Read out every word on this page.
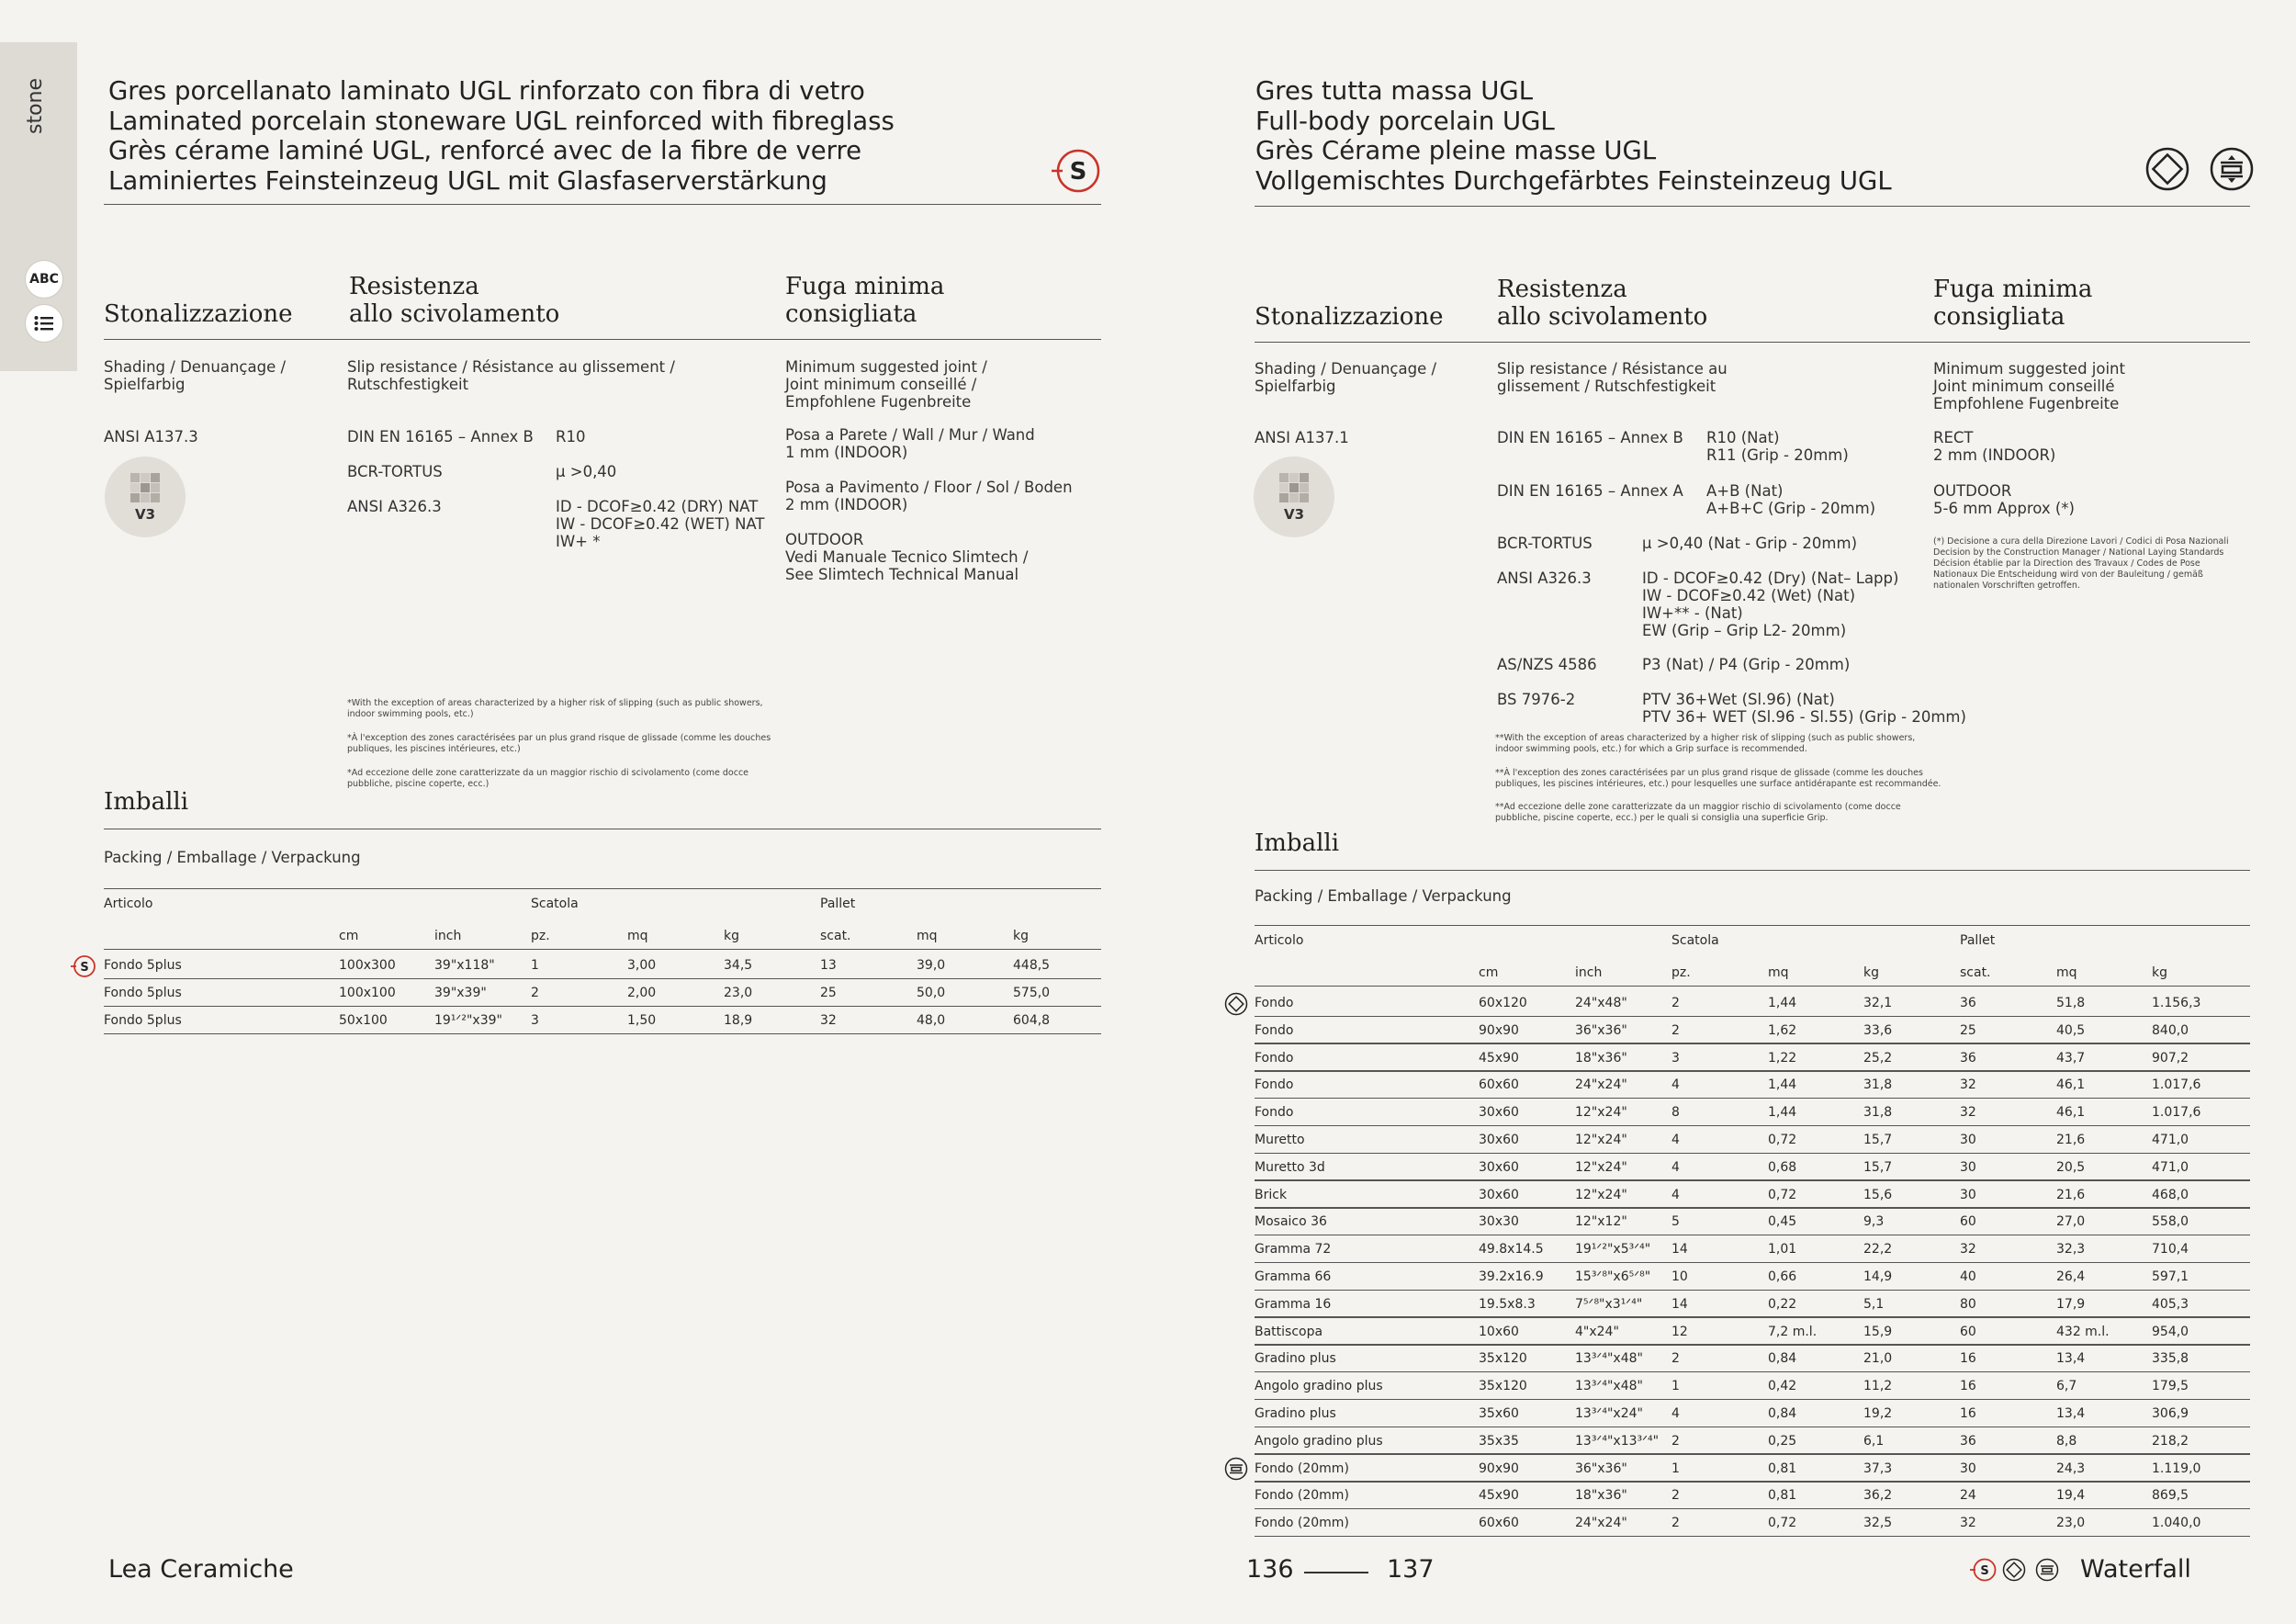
stone
ABC
Gres porcellanato laminato UGL rinforzato con fibra di vetro
Laminated porcelain stoneware UGL reinforced with fibreglass
Grès cérame laminé UGL, renforcé avec de la fibre de verre
Laminiertes Feinsteinzeug UGL mit Glasfaserverstärkung	S
Stonalizzazione
Resistenza
allo scivolamento
Fuga minima
consigliata
Shading / Denuançage /
Spielfarbig
Slip resistance / Résistance au glissement /
Rutschfestigkeit
Minimum suggested joint /
Joint minimum conseillé /
Empfohlene Fugenbreite
ANSI A137.3
V3
DIN EN 16165 – Annex B R10
BCR-TORTUS	μ >0,40
ANSI A326.3	ID - DCOF≥0.42 (DRY) NAT
IW - DCOF≥0.42 (WET) NAT
IW+ *
Posa a Parete / Wall / Mur / Wand
1 mm (INDOOR)
Posa a Pavimento / Floor / Sol / Boden
2 mm (INDOOR)
OUTDOOR
Vedi Manuale Tecnico Slimtech /
See Slimtech Technical Manual
*With the exception of areas characterized by a higher risk of slipping (such as public showers,
indoor swimming pools, etc.)
*À l'exception des zones caractérisées par un plus grand risque de glissade (comme les douches
publiques, les piscines intérieures, etc.)
*Ad eccezione delle zone caratterizzate da un maggior rischio di scivolamento (come docce
pubbliche, piscine coperte, ecc.)
Imballi
Packing / Emballage / Verpackung
Articolo	Scatola	Pallet
cm	inch	pz.	mq	kg	scat.	mq	kg
S Fondo 5plus	100x300	39"x118"	1	3,00	34,5	13	39,0	448,5
Fondo 5plus	100x100	39"x39"	2	2,00	23,0	25	50,0	575,0
Fondo 5plus	50x100	19¹ᐟ²"x39" 3	1,50	18,9	32	48,0	604,8
Gres tutta massa UGL
Full-body porcelain UGL
Grès Cérame pleine masse UGL
Vollgemischtes Durchgefärbtes Feinsteinzeug UGL
Stonalizzazione
Resistenza
allo scivolamento
Fuga minima
consigliata
Shading / Denuançage /
Spielfarbig
Slip resistance / Résistance au
glissement / Rutschfestigkeit
Minimum suggested joint
Joint minimum conseillé
Empfohlene Fugenbreite
ANSI A137.1
V3
DIN EN 16165 – Annex B R10 (Nat)
R11 (Grip - 20mm)
DIN EN 16165 – Annex A A+B (Nat)
A+B+C (Grip - 20mm)
BCR-TORTUS	μ >0,40 (Nat - Grip - 20mm)
ANSI A326.3	ID - DCOF≥0.42 (Dry) (Nat– Lapp)
IW - DCOF≥0.42 (Wet) (Nat)
IW+** - (Nat)
EW (Grip – Grip L2- 20mm)
AS/NZS 4586	P3 (Nat) / P4 (Grip - 20mm)
BS 7976-2	PTV 36+Wet (Sl.96) (Nat)
PTV 36+ WET (Sl.96 - Sl.55) (Grip - 20mm)
RECT
2 mm (INDOOR)
OUTDOOR
5-6 mm Approx (*)
(*) Decisione a cura della Direzione Lavori / Codici di Posa Nazionali
Decision by the Construction Manager / National Laying Standards
Décision établie par la Direction des Travaux / Codes de Pose
Nationaux Die Entscheidung wird von der Bauleitung / gemäß
nationalen Vorschriften getroffen.
**With the exception of areas characterized by a higher risk of slipping (such as public showers,
indoor swimming pools, etc.) for which a Grip surface is recommended.
**À l'exception des zones caractérisées par un plus grand risque de glissade (comme les douches
publiques, les piscines intérieures, etc.) pour lesquelles une surface antidérapante est recommandée.
**Ad eccezione delle zone caratterizzate da un maggior rischio di scivolamento (come docce
pubbliche, piscine coperte, ecc.) per le quali si consiglia una superficie Grip.
Imballi
Packing / Emballage / Verpackung
Articolo	Scatola	Pallet
cm	inch	pz.	mq	kg	scat.	mq	kg
Fondo	60x120	24"x48"	2	1,44	32,1	36	51,8	1.156,3
Fondo	90x90	36"x36"	2	1,62	33,6	25	40,5	840,0
Fondo	45x90	18"x36"	3	1,22	25,2	36	43,7	907,2
Fondo	60x60	24"x24"	4	1,44	31,8	32	46,1	1.017,6
Fondo	30x60	12"x24"	8	1,44	31,8	32	46,1	1.017,6
Muretto	30x60	12"x24"	4	0,72	15,7	30	21,6	471,0
Muretto 3d	30x60	12"x24"	4	0,68	15,7	30	20,5	471,0
Brick	30x60	12"x24"	4	0,72	15,6	30	21,6	468,0
Mosaico 36	30x30	12"x12"	5	0,45	9,3	60	27,0	558,0
Gramma 72	49.8x14.5 19¹ᐟ²"x5³ᐟ⁴" 14	1,01	22,2	32	32,3	710,4
Gramma 66	39.2x16.9 15³ᐟ⁸"x6⁵ᐟ⁸" 10	0,66	14,9	40	26,4	597,1
Gramma 16	19.5x8.3	7⁵ᐟ⁸"x3¹ᐟ⁴" 14	0,22	5,1	80	17,9	405,3
Battiscopa	10x60	4"x24"	12	7,2 m.l.	15,9	60	432 m.l.	954,0
Gradino plus	35x120	13³ᐟ⁴"x48" 2	0,84	21,0	16	13,4	335,8
Angolo gradino plus	35x120	13³ᐟ⁴"x48" 1	0,42	11,2	16	6,7	179,5
Gradino plus	35x60	13³ᐟ⁴"x24" 4	0,84	19,2	16	13,4	306,9
Angolo gradino plus	35x35	13³ᐟ⁴"x13³ᐟ⁴" 2	0,25	6,1	36	8,8	218,2
Fondo (20mm)	90x90	36"x36"	1	0,81	37,3	30	24,3	1.119,0
Fondo (20mm)	45x90	18"x36"	2	0,81	36,2	24	19,4	869,5
Fondo (20mm)	60x60	24"x24"	2	0,72	32,5	32	23,0	1.040,0
Lea Ceramiche	136	137	S	Waterfall
